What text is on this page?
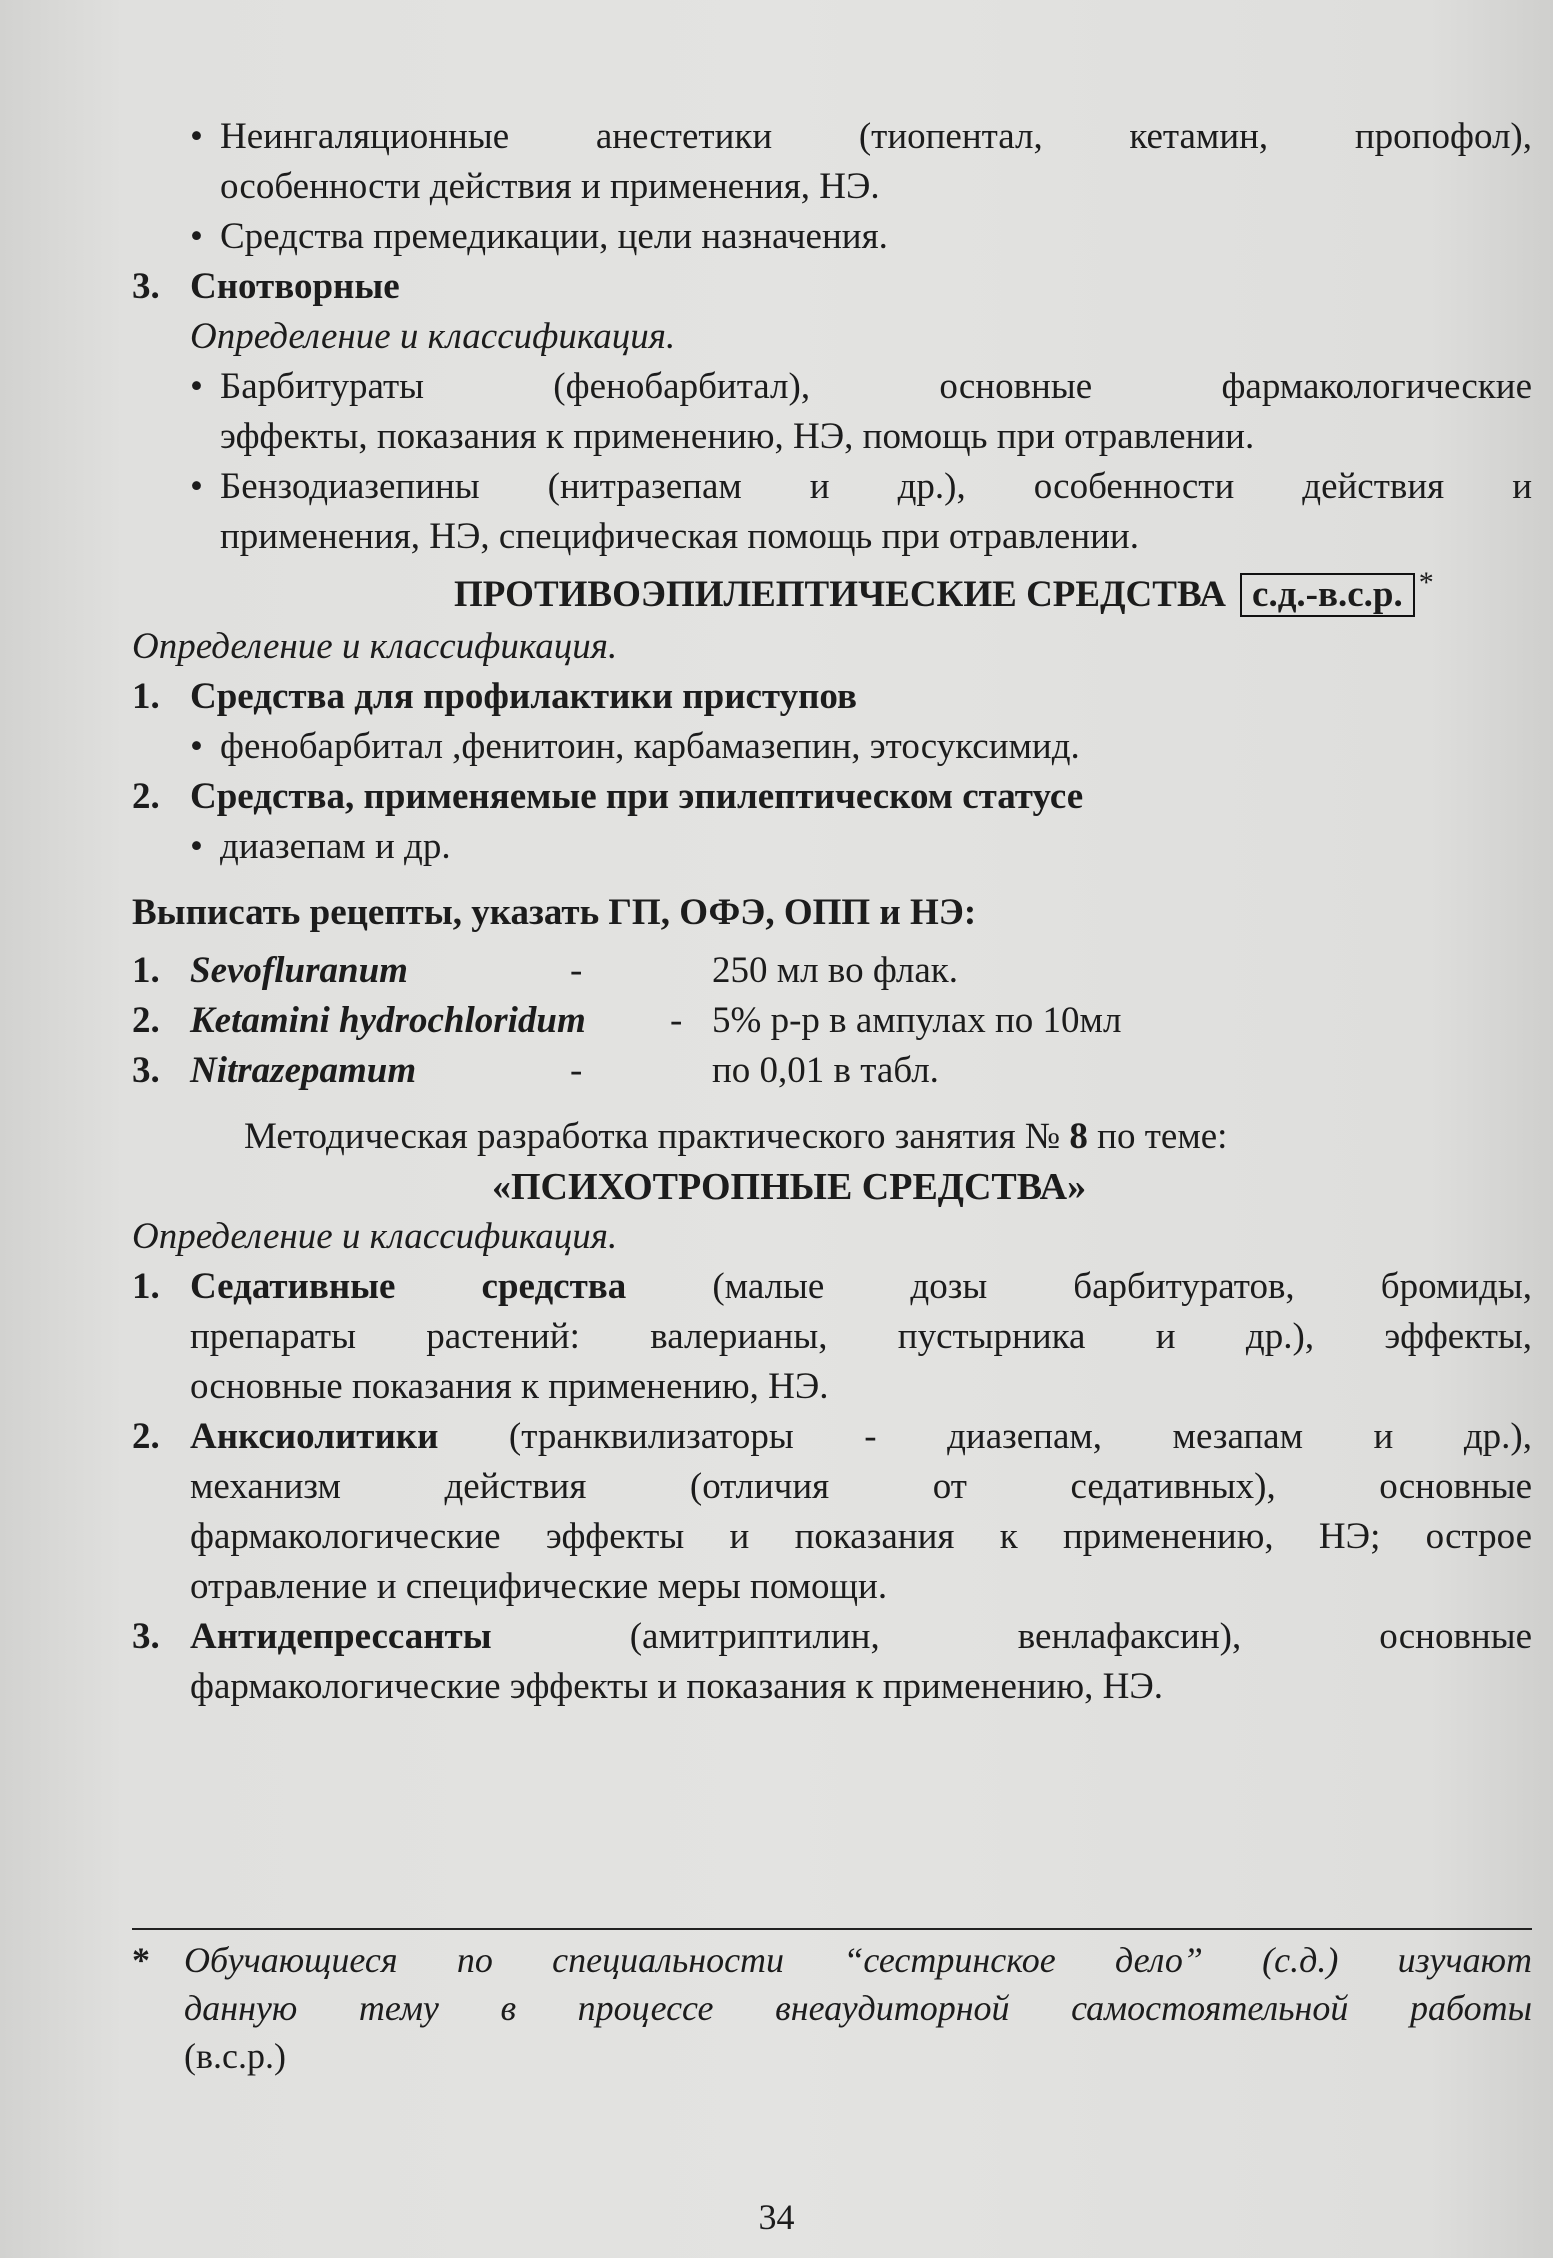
• Неингаляционные анестетики (тиопентал, кетамин, пропофол),
особенности действия и применения, НЭ.
• Средства премедикации, цели назначения.
3. Снотворные
Определение и классификация.
• Барбитураты (фенобарбитал), основные фармакологические
эффекты, показания к применению, НЭ, помощь при отравлении.
• Бензодиазепины (нитразепам и др.), особенности действия и
применения, НЭ, специфическая помощь при отравлении.
ПРОТИВОЭПИЛЕПТИЧЕСКИЕ СРЕДСТВА с.д.-в.с.р. *
Определение и классификация.
1. Средства для профилактики приступов
• фенобарбитал ,фенитоин, карбамазепин, этосуксимид.
2. Средства, применяемые при эпилептическом статусе
• диазепам и др.
Выписать рецепты, указать ГП, ОФЭ, ОПП и НЭ:
1. Sevofluranum	-	250 мл во флак.
2. Ketamini hydrochloridum	- 5% р-р в ампулах по 10мл
3. Nitrazepamum	-	по 0,01 в табл.
Методическая разработка практического занятия № 8 по теме:
«ПСИХОТРОПНЫЕ СРЕДСТВА»
Определение и классификация.
1. Седативные средства (малые дозы барбитуратов, бромиды,
препараты растений: валерианы, пустырника и др.), эффекты,
основные показания к применению, НЭ.
2. Анксиолитики (транквилизаторы - диазепам, мезапам и др.),
механизм действия (отличия от седативных), основные
фармакологические эффекты и показания к применению, НЭ; острое
отравление и специфические меры помощи.
3. Антидепрессанты	(амитриптилин, венлафаксин), основные
фармакологические эффекты и показания к применению, НЭ.
* Обучающиеся по специальности “сестринское дело” (с.д.) изучают
данную тему в процессе внеаудиторной самостоятельной работы
(в.с.р.)
34
